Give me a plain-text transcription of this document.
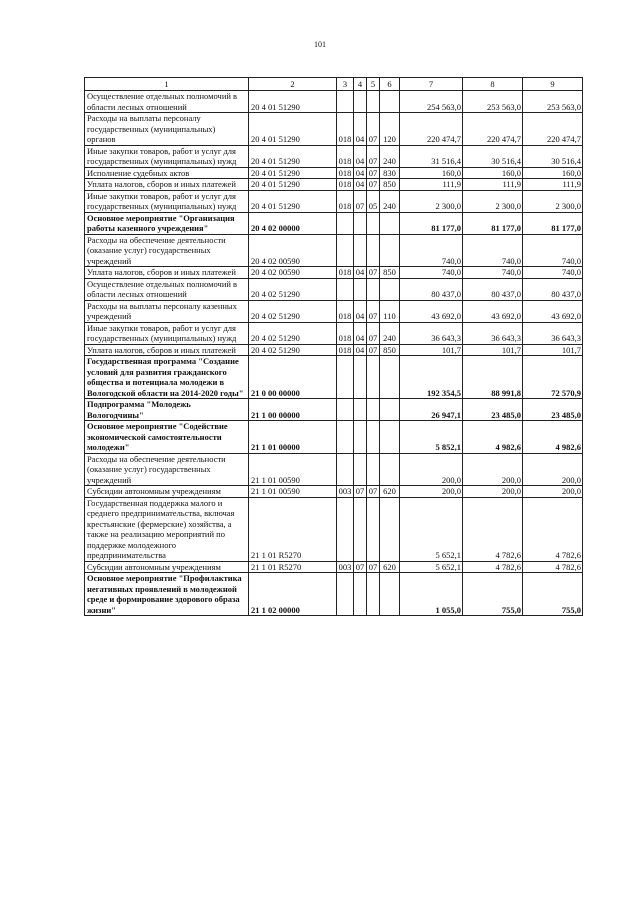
101
1	2	3	4	5	6	7	8	9
Осуществление отдельных полномочий в области лесных отношений	20 4 01 51290					254 563,0	253 563,0	253 563,0
Расходы на выплаты персоналу государственных (муниципальных) органов	20 4 01 51290	018	04	07	120	220 474,7	220 474,7	220 474,7
Иные закупки товаров, работ и услуг для государственных (муниципальных) нужд	20 4 01 51290	018	04	07	240	31 516,4	30 516,4	30 516,4
Исполнение судебных актов	20 4 01 51290	018	04	07	830	160,0	160,0	160,0
Уплата налогов, сборов и иных платежей	20 4 01 51290	018	04	07	850	111,9	111,9	111,9
Иные закупки товаров, работ и услуг для государственных (муниципальных) нужд	20 4 01 51290	018	07	05	240	2 300,0	2 300,0	2 300,0
Основное мероприятие "Организация работы казенного учреждения"	20 4 02 00000					81 177,0	81 177,0	81 177,0
Расходы на обеспечение деятельности (оказание услуг) государственных учреждений	20 4 02 00590					740,0	740,0	740,0
Уплата налогов, сборов и иных платежей	20 4 02 00590	018	04	07	850	740,0	740,0	740,0
Осуществление отдельных полномочий в области лесных отношений	20 4 02 51290					80 437,0	80 437,0	80 437,0
Расходы на выплаты персоналу казенных учреждений	20 4 02 51290	018	04	07	110	43 692,0	43 692,0	43 692,0
Иные закупки товаров, работ и услуг для государственных (муниципальных) нужд	20 4 02 51290	018	04	07	240	36 643,3	36 643,3	36 643,3
Уплата налогов, сборов и иных платежей	20 4 02 51290	018	04	07	850	101,7	101,7	101,7
Государственная программа "Создание условий для развития гражданского общества и потенциала молодежи в Вологодской области на 2014-2020 годы"	21 0 00 00000					192 354,5	88 991,8	72 570,9
Подпрограмма "Молодежь Вологодчины"	21 1 00 00000					26 947,1	23 485,0	23 485,0
Основное мероприятие "Содействие экономической самостоятельности молодежи"	21 1 01 00000					5 852,1	4 982,6	4 982,6
Расходы на обеспечение деятельности (оказание услуг) государственных учреждений	21 1 01 00590					200,0	200,0	200,0
Субсидии автономным учреждениям	21 1 01 00590	003	07	07	620	200,0	200,0	200,0
Государственная поддержка малого и среднего предпринимательства, включая крестьянские (фермерские) хозяйства, а также на реализацию мероприятий по поддержке молодежного предпринимательства	21 1 01 R5270					5 652,1	4 782,6	4 782,6
Субсидии автономным учреждениям	21 1 01 R5270	003	07	07	620	5 652,1	4 782,6	4 782,6
Основное мероприятие "Профилактика негативных проявлений в молодежной среде и формирование здорового образа жизни"	21 1 02 00000					1 055,0	755,0	755,0
